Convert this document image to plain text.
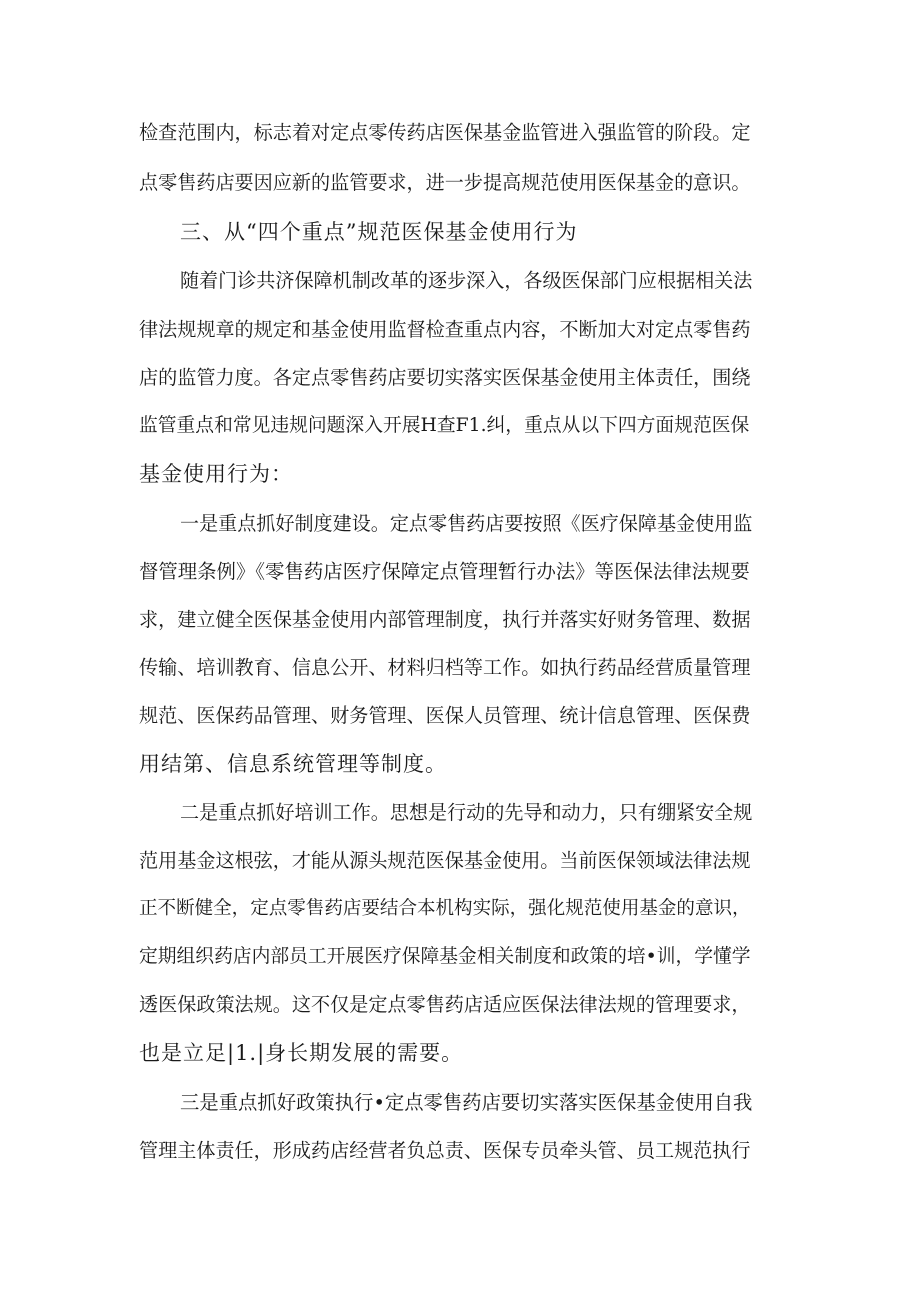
检查范围内，标志着对定点零传药店医保基金监管进入强监管的阶段。定

点零售药店要因应新的监管要求，进一步提高规范使用医保基金的意识。

三、从“四个重点”规范医保基金使用行为

随着门诊共济保障机制改革的逐步深入，各级医保部门应根据相关法

律法规规章的规定和基金使用监督检查重点内容，不断加大对定点零售药

店的监管力度。各定点零售药店要切实落实医保基金使用主体责任，围绕

监管重点和常见违规问题深入开展H查F1.纠，重点从以下四方面规范医保

基金使用行为：

一是重点抓好制度建设。定点零售药店要按照《医疗保障基金使用监

督管理条例》《零售药店医疗保障定点管理暂行办法》等医保法律法规要

求，建立健全医保基金使用内部管理制度，执行并落实好财务管理、数据

传输、培训教育、信息公开、材料归档等工作。如执行药品经营质量管理

规范、医保药品管理、财务管理、医保人员管理、统计信息管理、医保费

用结第、信息系统管理等制度。

二是重点抓好培训工作。思想是行动的先导和动力，只有绷紧安全规

范用基金这根弦，才能从源头规范医保基金使用。当前医保领域法律法规

正不断健全，定点零售药店要结合本机构实际，强化规范使用基金的意识，

定期组织药店内部员工开展医疗保障基金相关制度和政策的培•训，学懂学

透医保政策法规。这不仅是定点零售药店适应医保法律法规的管理要求，

也是立足|1.|身长期发展的需要。

三是重点抓好政策执行•定点零售药店要切实落实医保基金使用自我

管理主体责任，形成药店经营者负总责、医保专员牵头管、员工规范执行
